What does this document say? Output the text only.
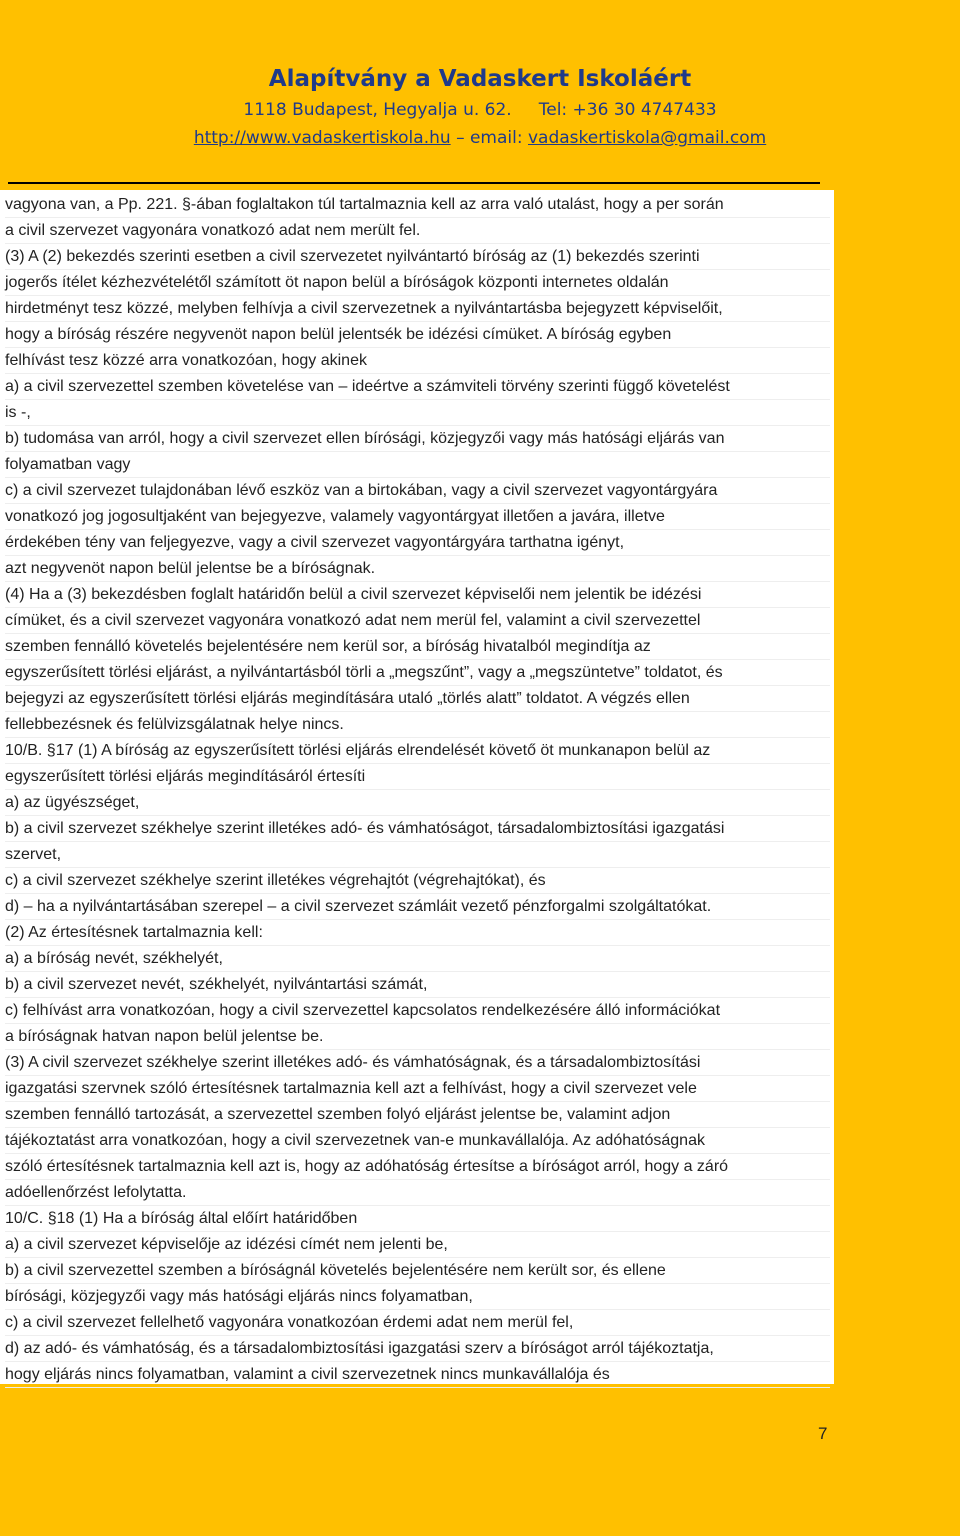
Alapítvány a Vadaskert Iskoláért
1118 Budapest, Hegyalja u. 62. Tel: +36 30 4747433
http://www.vadaskertiskola.hu – email: vadaskertiskola@gmail.com
vagyona van, a Pp. 221. §-ában foglaltakon túl tartalmaznia kell az arra való utalást, hogy a per során
a civil szervezet vagyonára vonatkozó adat nem merült fel.
(3) A (2) bekezdés szerinti esetben a civil szervezetet nyilvántartó bíróság az (1) bekezdés szerinti
jogerős ítélet kézhezvételétől számított öt napon belül a bíróságok központi internetes oldalán
hirdetményt tesz közzé, melyben felhívja a civil szervezetnek a nyilvántartásba bejegyzett képviselőit,
hogy a bíróság részére negyvenöt napon belül jelentsék be idézési címüket. A bíróság egyben
felhívást tesz közzé arra vonatkozóan, hogy akinek
a) a civil szervezettel szemben követelése van – ideértve a számviteli törvény szerinti függő követelést
is -,
b) tudomása van arról, hogy a civil szervezet ellen bírósági, közjegyzői vagy más hatósági eljárás van
folyamatban vagy
c) a civil szervezet tulajdonában lévő eszköz van a birtokában, vagy a civil szervezet vagyontárgyára
vonatkozó jog jogosultjaként van bejegyezve, valamely vagyontárgyat illetően a javára, illetve
érdekében tény van feljegyezve, vagy a civil szervezet vagyontárgyára tarthatna igényt,
azt negyvenöt napon belül jelentse be a bíróságnak.
(4) Ha a (3) bekezdésben foglalt határidőn belül a civil szervezet képviselői nem jelentik be idézési
címüket, és a civil szervezet vagyonára vonatkozó adat nem merül fel, valamint a civil szervezettel
szemben fennálló követelés bejelentésére nem kerül sor, a bíróság hivatalból megindítja az
egyszerűsített törlési eljárást, a nyilvántartásból törli a „megszűnt”, vagy a „megszüntetve” toldatot, és
bejegyzi az egyszerűsített törlési eljárás megindítására utaló „törlés alatt” toldatot. A végzés ellen
fellebbezésnek és felülvizsgálatnak helye nincs.
10/B. §17 (1) A bíróság az egyszerűsített törlési eljárás elrendelését követő öt munkanapon belül az
egyszerűsített törlési eljárás megindításáról értesíti
a) az ügyészséget,
b) a civil szervezet székhelye szerint illetékes adó- és vámhatóságot, társadalombiztosítási igazgatási
szervet,
c) a civil szervezet székhelye szerint illetékes végrehajtót (végrehajtókat), és
d) – ha a nyilvántartásában szerepel – a civil szervezet számláit vezető pénzforgalmi szolgáltatókat.
(2) Az értesítésnek tartalmaznia kell:
a) a bíróság nevét, székhelyét,
b) a civil szervezet nevét, székhelyét, nyilvántartási számát,
c) felhívást arra vonatkozóan, hogy a civil szervezettel kapcsolatos rendelkezésére álló információkat
a bíróságnak hatvan napon belül jelentse be.
(3) A civil szervezet székhelye szerint illetékes adó- és vámhatóságnak, és a társadalombiztosítási
igazgatási szervnek szóló értesítésnek tartalmaznia kell azt a felhívást, hogy a civil szervezet vele
szemben fennálló tartozását, a szervezettel szemben folyó eljárást jelentse be, valamint adjon
tájékoztatást arra vonatkozóan, hogy a civil szervezetnek van-e munkavállalója. Az adóhatóságnak
szóló értesítésnek tartalmaznia kell azt is, hogy az adóhatóság értesítse a bíróságot arról, hogy a záró
adóellenőrzést lefolytatta.
10/C. §18 (1) Ha a bíróság által előírt határidőben
a) a civil szervezet képviselője az idézési címét nem jelenti be,
b) a civil szervezettel szemben a bíróságnál követelés bejelentésére nem került sor, és ellene
bírósági, közjegyzői vagy más hatósági eljárás nincs folyamatban,
c) a civil szervezet fellelhető vagyonára vonatkozóan érdemi adat nem merül fel,
d) az adó- és vámhatóság, és a társadalombiztosítási igazgatási szerv a bíróságot arról tájékoztatja,
hogy eljárás nincs folyamatban, valamint a civil szervezetnek nincs munkavállalója és
7
